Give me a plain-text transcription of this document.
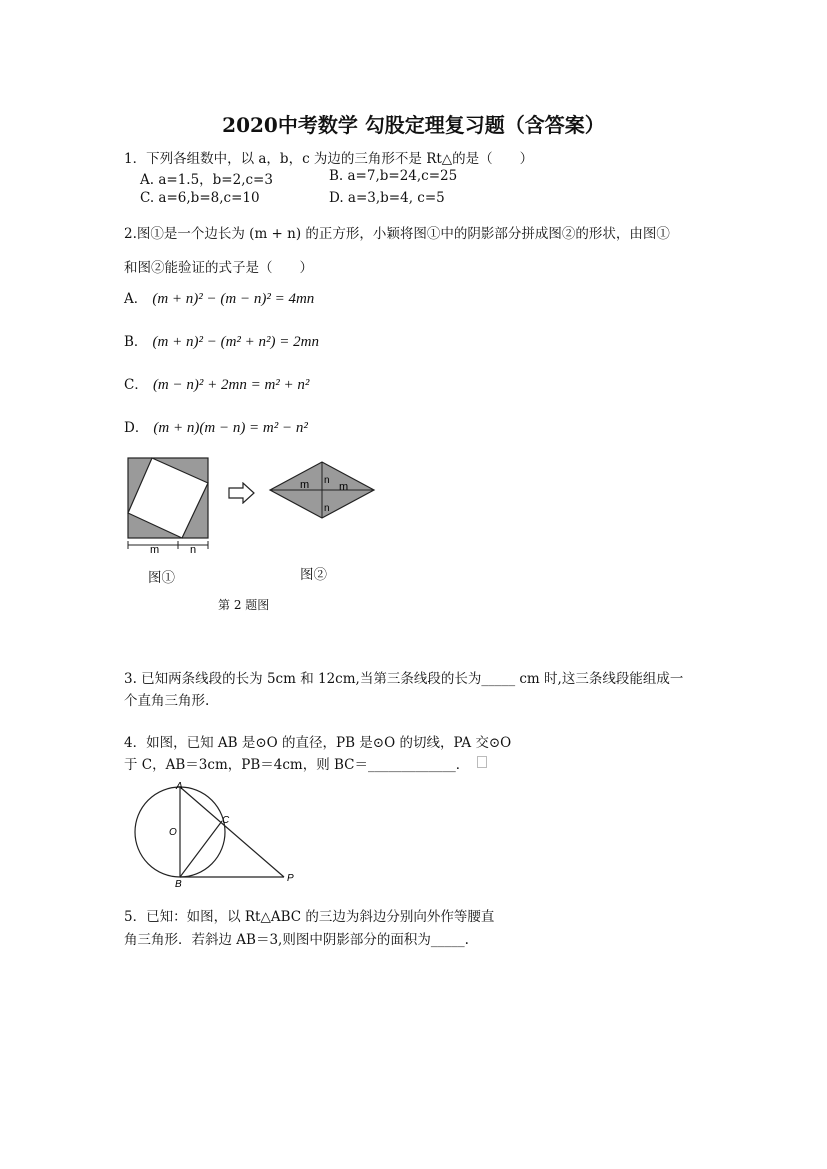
2020中考数学 勾股定理复习题（含答案）
1．下列各组数中，以 a，b，c 为边的三角形不是 Rt△的是（　　）
A. a=1.5，b=2,c=3	B. a=7,b=24,c=25
C. a=6,b=8,c=10	D. a=3,b=4, c=5
2.图①是一个边长为 (m + n) 的正方形，小颖将图①中的阴影部分拼成图②的形状，由图①
和图②能验证的式子是（　　）
A． (m + n)² − (m − n)² = 4mn
B． (m + n)² − (m² + n²) = 2mn
C． (m − n)² + 2mn = m² + n²
D． (m + n)(m − n) = m² − n²
m	n
m	m
n
n
图①	图②
第 2 题图
3. 已知两条线段的长为 5cm 和 12cm,当第三条线段的长为_____ cm 时,这三条线段能组成一
个直角三角形.
4．如图，已知 AB 是⊙O 的直径，PB 是⊙O 的切线，PA 交⊙O
于 C，AB＝3cm，PB＝4cm，则 BC＝_____________．
A
B
C
O
P
5．已知：如图，以 Rt△ABC 的三边为斜边分别向外作等腰直
角三角形．若斜边 AB＝3,则图中阴影部分的面积为_____.
